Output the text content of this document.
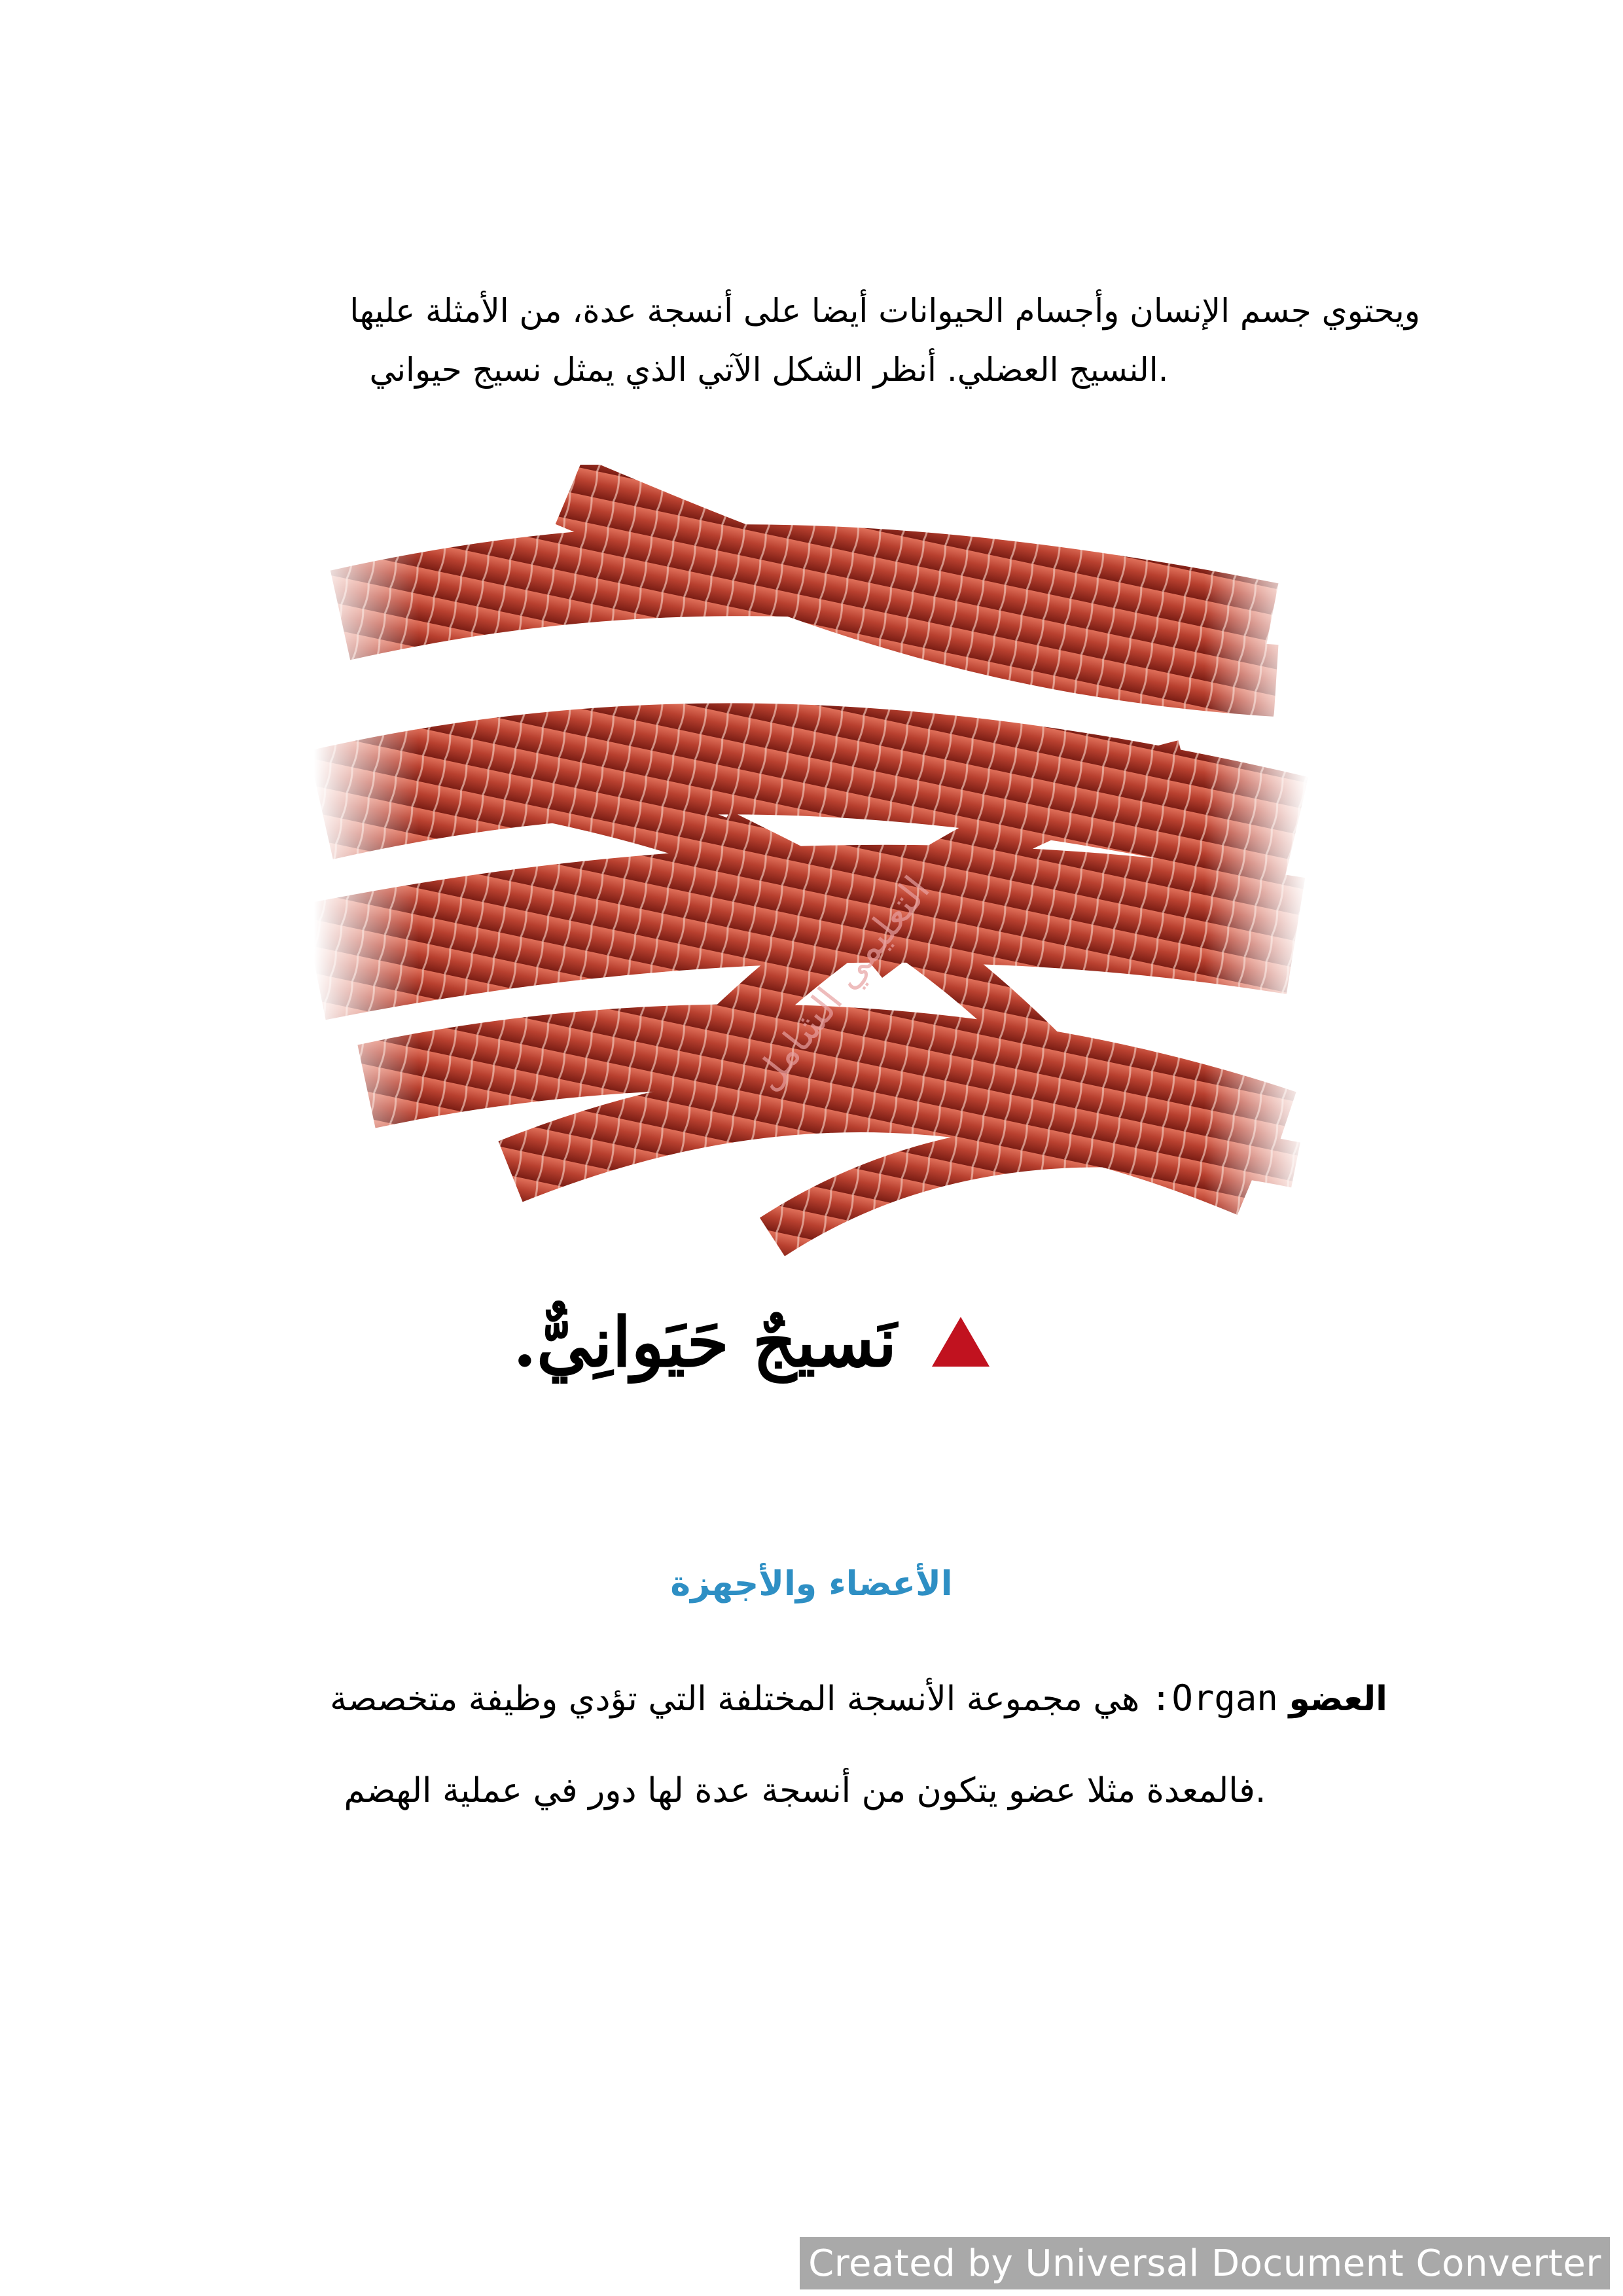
ويحتوي جسم الإنسان وأجسام الحيوانات أيضا على أنسجة عدة، من الأمثلة عليها

.النسيج العضلي. أنظر الشكل الآتي الذي يمثل نسيج حيواني

التعليمي الشامل
نَسيجٌ حَيَوانِيٌّ.
الأعضاء والأجهزة

العضو Organ: هي مجموعة الأنسجة المختلفة التي تؤدي وظيفة متخصصة

.فالمعدة مثلا عضو يتكون من أنسجة عدة لها دور في عملية الهضم

Created by Universal Document Converter
